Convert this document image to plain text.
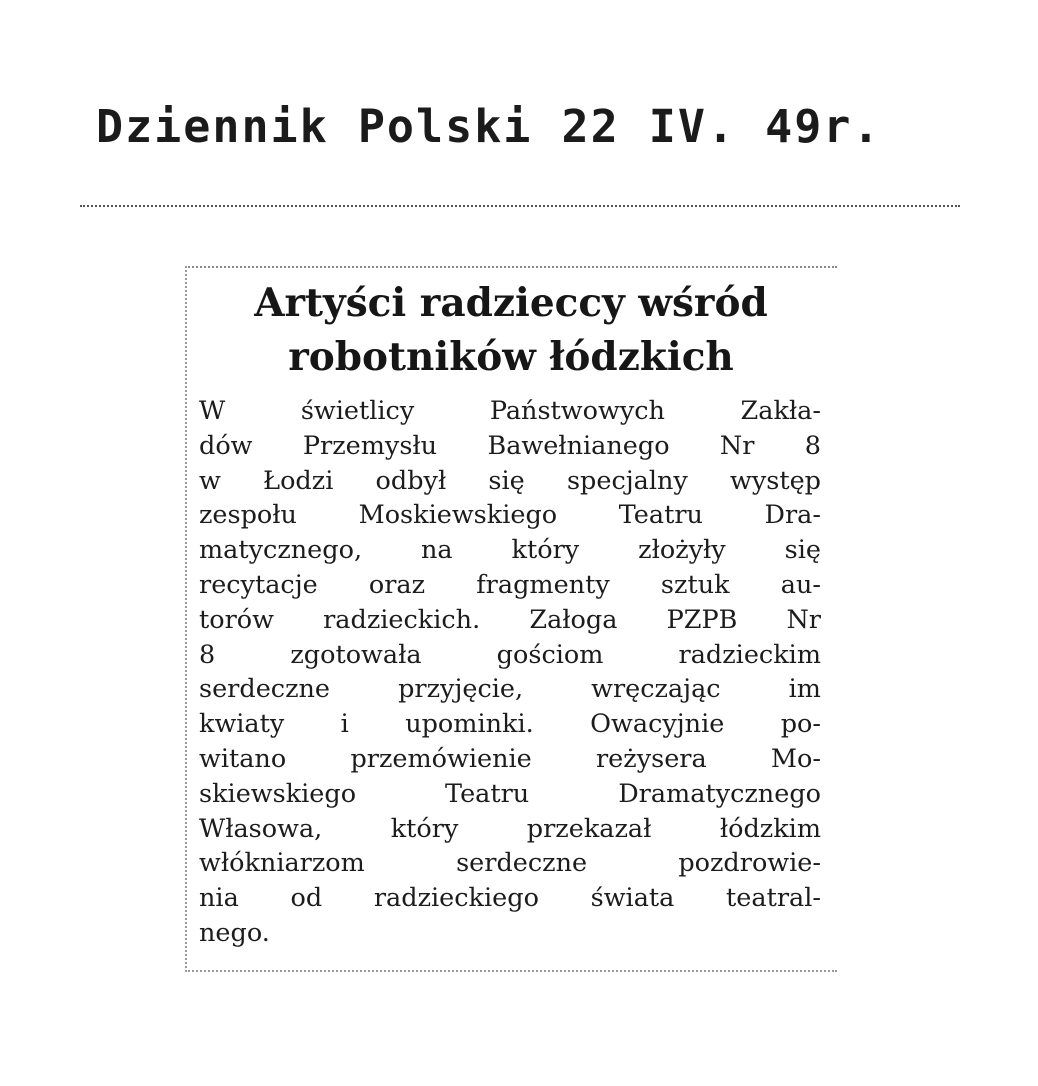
Dziennik Polski 22 IV. 49r.
Artyści radzieccy wśród
robotników łódzkich
W świetlicy Państwowych Zakła-
dów Przemysłu Bawełnianego Nr 8
w Łodzi odbył się specjalny występ
zespołu Moskiewskiego Teatru Dra-
matycznego, na który złożyły się
recytacje oraz fragmenty sztuk au-
torów radzieckich. Załoga PZPB Nr
8 zgotowała gościom radzieckim
serdeczne przyjęcie, wręczając im
kwiaty i upominki. Owacyjnie po-
witano przemówienie reżysera Mo-
skiewskiego Teatru Dramatycznego
Własowa, który przekazał łódzkim
włókniarzom serdeczne pozdrowie-
nia od radzieckiego świata teatral-
nego.
